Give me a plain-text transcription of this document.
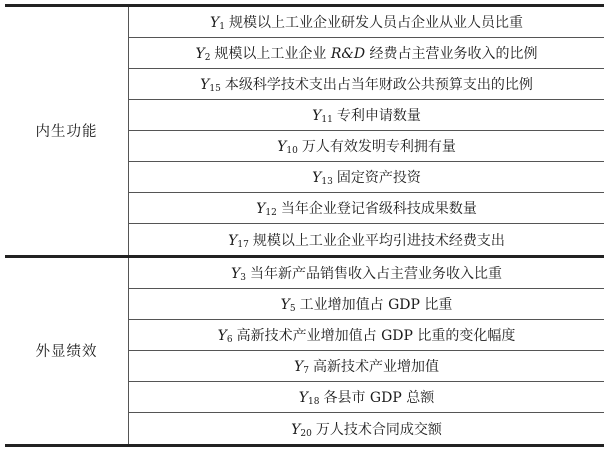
内生功能	$Y_1$ 规模以上工业企业研发人员占企业从业人员比重
	$Y_2$ 规模以上工业企业 R&D 经费占主营业务收入的比例
	$Y_{15}$ 本级科学技术支出占当年财政公共预算支出的比例
	$Y_{11}$ 专利申请数量
	$Y_{10}$ 万人有效发明专利拥有量
	$Y_{13}$ 固定资产投资
	$Y_{12}$ 当年企业登记省级科技成果数量
	$Y_{17}$ 规模以上工业企业平均引进技术经费支出
外显绩效	$Y_3$ 当年新产品销售收入占主营业务收入比重
	$Y_5$ 工业增加值占 GDP 比重
	$Y_6$ 高新技术产业增加值占 GDP 比重的变化幅度
	$Y_7$ 高新技术产业增加值
	$Y_{18}$ 各县市 GDP 总额
	$Y_{20}$ 万人技术合同成交额
